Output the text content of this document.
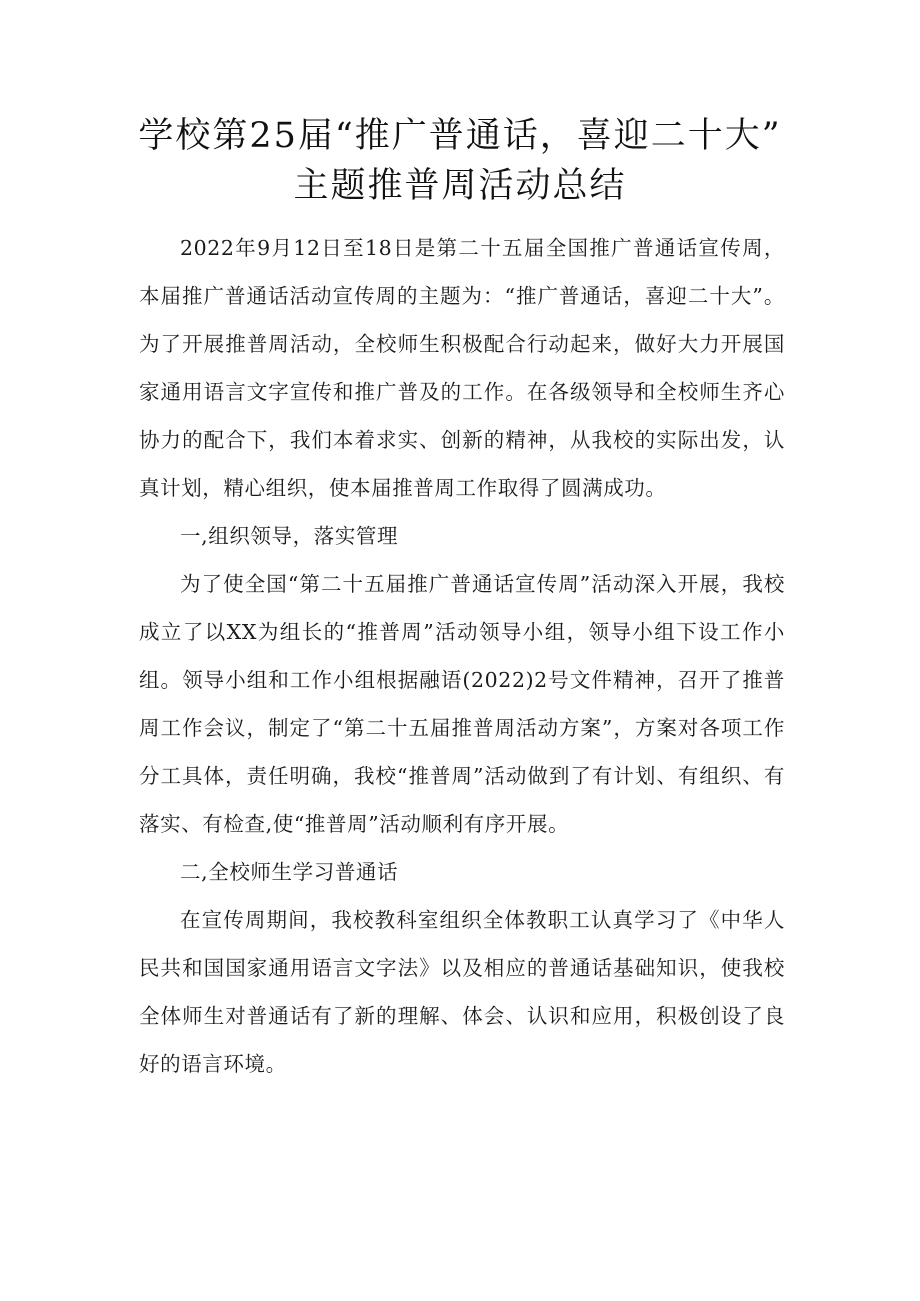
学校第25届“推广普通话，喜迎二十大”
主题推普周活动总结

2022年9月12日至18日是第二十五届全国推广普通话宣传周，本届推广普通话活动宣传周的主题为：“推广普通话，喜迎二十大”。为了开展推普周活动，全校师生积极配合行动起来，做好大力开展国家通用语言文字宣传和推广普及的工作。在各级领导和全校师生齐心协力的配合下，我们本着求实、创新的精神，从我校的实际出发，认真计划，精心组织，使本届推普周工作取得了圆满成功。

一,组织领导，落实管理

为了使全国“第二十五届推广普通话宣传周”活动深入开展，我校成立了以XX为组长的“推普周”活动领导小组，领导小组下设工作小组。领导小组和工作小组根据融语(2022)2号文件精神，召开了推普周工作会议，制定了“第二十五届推普周活动方案”，方案对各项工作分工具体，责任明确，我校“推普周”活动做到了有计划、有组织、有落实、有检查,使“推普周”活动顺利有序开展。

二,全校师生学习普通话

在宣传周期间，我校教科室组织全体教职工认真学习了《中华人民共和国国家通用语言文字法》以及相应的普通话基础知识，使我校全体师生对普通话有了新的理解、体会、认识和应用，积极创设了良好的语言环境。
